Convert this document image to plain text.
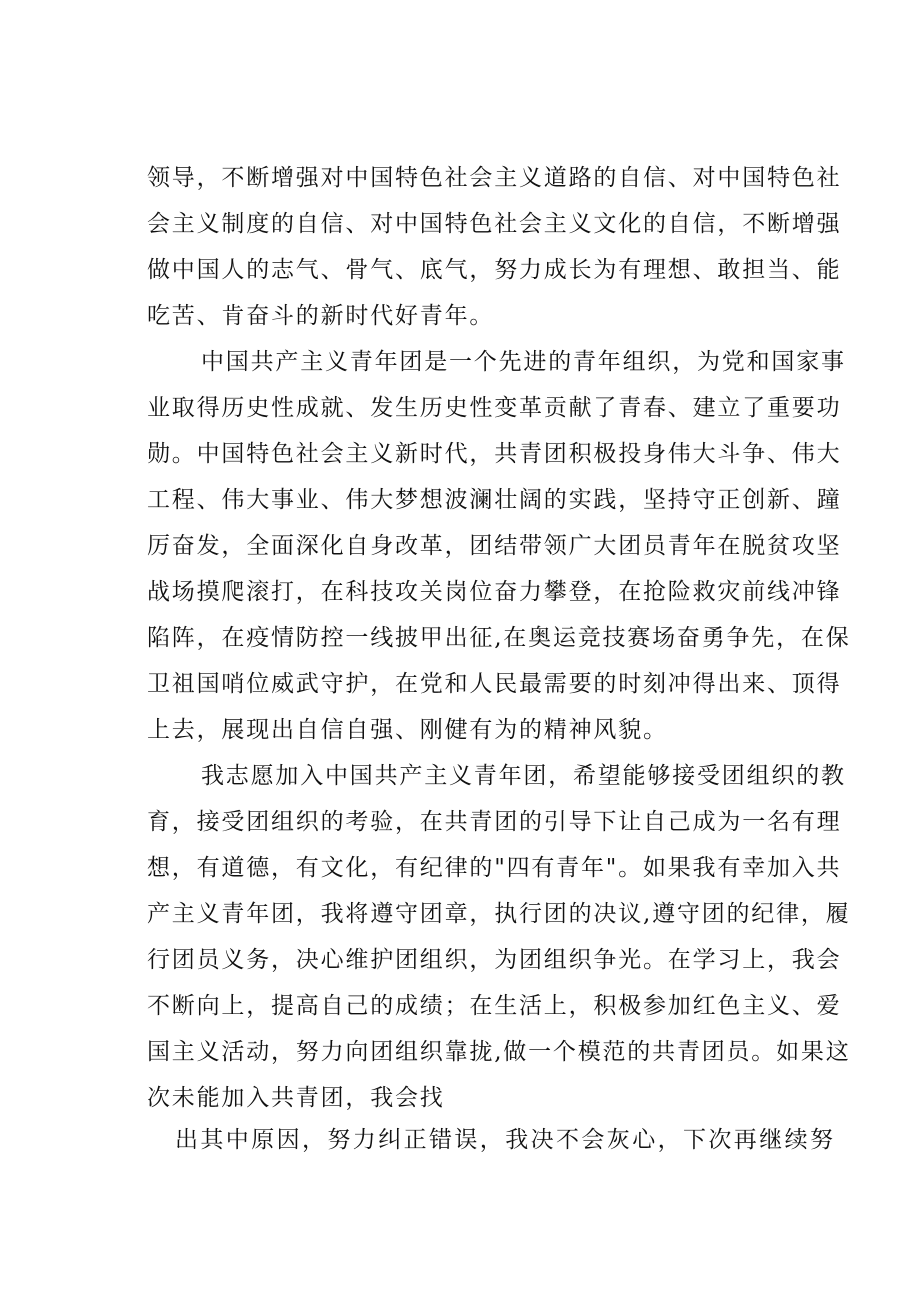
领导，不断增强对中国特色社会主义道路的自信、对中国特色社
会主义制度的自信、对中国特色社会主义文化的自信，不断增强
做中国人的志气、骨气、底气，努力成长为有理想、敢担当、能
吃苦、肯奋斗的新时代好青年。
中国共产主义青年团是一个先进的青年组织，为党和国家事
业取得历史性成就、发生历史性变革贡献了青春、建立了重要功
勋。中国特色社会主义新时代，共青团积极投身伟大斗争、伟大
工程、伟大事业、伟大梦想波澜壮阔的实践，坚持守正创新、蹱
厉奋发，全面深化自身改革，团结带领广大团员青年在脱贫攻坚
战场摸爬滚打，在科技攻关岗位奋力攀登，在抢险救灾前线冲锋
陷阵，在疫情防控一线披甲出征,在奥运竞技赛场奋勇争先，在保
卫祖国哨位威武守护，在党和人民最需要的时刻冲得出来、顶得
上去，展现出自信自强、刚健有为的精神风貌。
我志愿加入中国共产主义青年团，希望能够接受团组织的教
育，接受团组织的考验，在共青团的引导下让自己成为一名有理
想，有道德，有文化，有纪律的"四有青年"。如果我有幸加入共
产主义青年团，我将遵守团章，执行团的决议,遵守团的纪律，履
行团员义务，决心维护团组织，为团组织争光。在学习上，我会
不断向上，提高自己的成绩；在生活上，积极参加红色主义、爱
国主义活动，努力向团组织靠拢,做一个模范的共青团员。如果这
次未能加入共青团，我会找
出其中原因，努力纠正错误，我决不会灰心，下次再继续努
